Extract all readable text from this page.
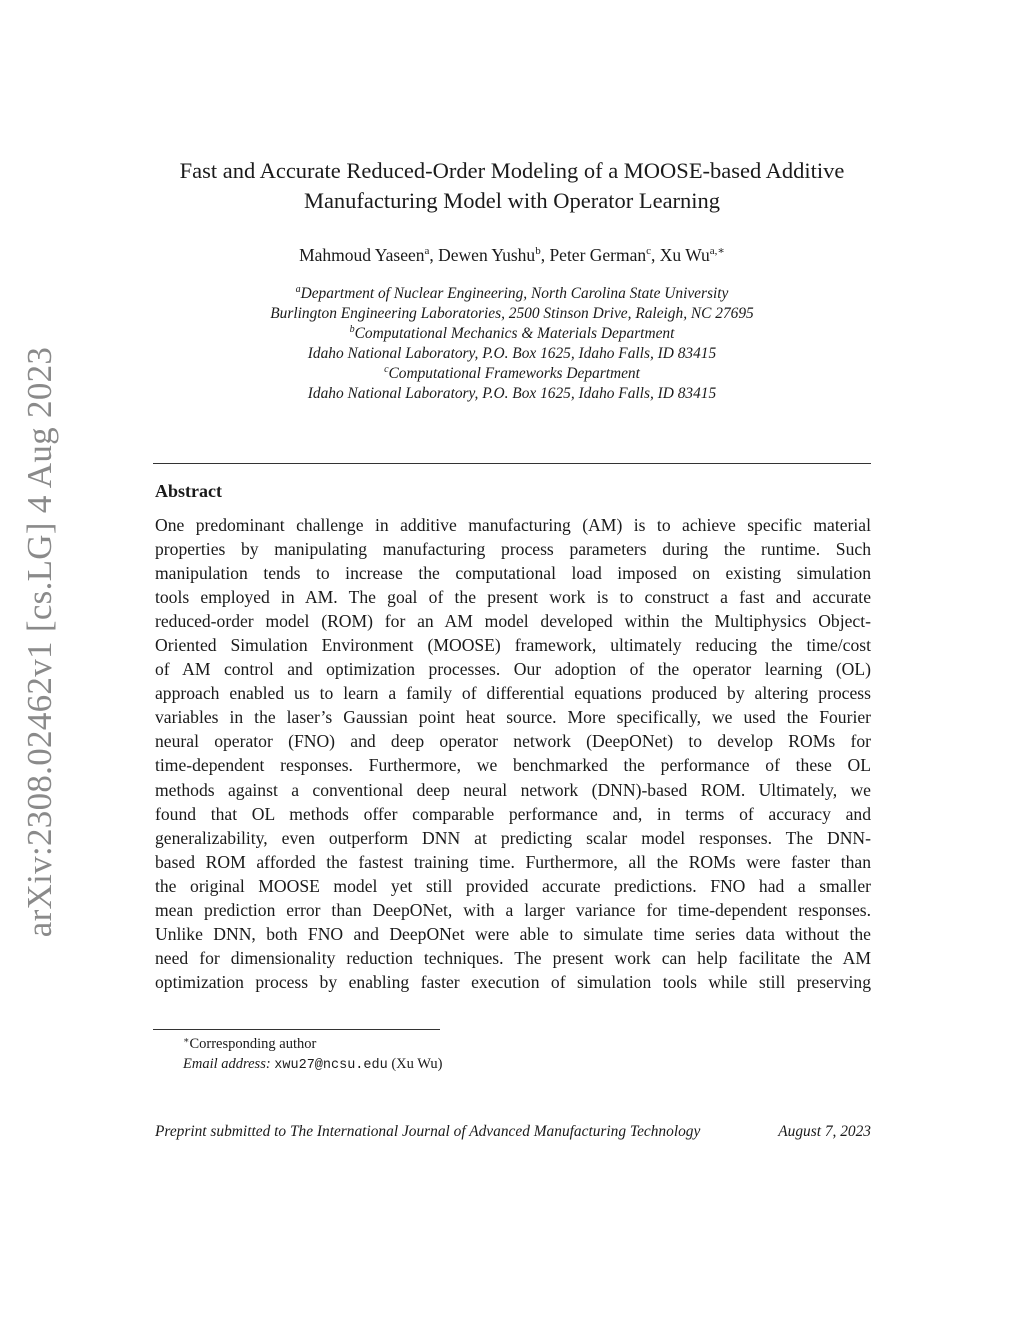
arXiv:2308.02462v1 [cs.LG] 4 Aug 2023
Fast and Accurate Reduced-Order Modeling of a MOOSE-based Additive
Manufacturing Model with Operator Learning
Mahmoud Yaseen$^a$, Dewen Yushu$^b$, Peter German$^c$, Xu $Wu^{a,∗}$
$^a$Department of Nuclear Engineering, North Carolina State University
Burlington Engineering Laboratories, 2500 Stinson Drive, Raleigh, NC 27695
$^b$Computational Mechanics & Materials Department
Idaho National Laboratory, P.O. Box 1625, Idaho Falls, ID 83415
$^c$Computational Frameworks Department
Idaho National Laboratory, P.O. Box 1625, Idaho Falls, ID 83415
Abstract
One predominant challenge in additive manufacturing (AM) is to achieve specific material
properties by manipulating manufacturing process parameters during the runtime. Such
manipulation tends to increase the computational load imposed on existing simulation
tools employed in AM. The goal of the present work is to construct a fast and accurate
reduced-order model (ROM) for an AM model developed within the Multiphysics Object-
Oriented Simulation Environment (MOOSE) framework, ultimately reducing the time/cost
of AM control and optimization processes. Our adoption of the operator learning (OL)
approach enabled us to learn a family of differential equations produced by altering process
variables in the laser’s Gaussian point heat source. More specifically, we used the Fourier
neural operator (FNO) and deep operator network (DeepONet) to develop ROMs for
time-dependent responses. Furthermore, we benchmarked the performance of these OL
methods against a conventional deep neural network (DNN)-based ROM. Ultimately, we
found that OL methods offer comparable performance and, in terms of accuracy and
generalizability, even outperform DNN at predicting scalar model responses. The DNN-
based ROM afforded the fastest training time. Furthermore, all the ROMs were faster than
the original MOOSE model yet still provided accurate predictions. FNO had a smaller
mean prediction error than DeepONet, with a larger variance for time-dependent responses.
Unlike DNN, both FNO and DeepONet were able to simulate time series data without the
need for dimensionality reduction techniques. The present work can help facilitate the AM
optimization process by enabling faster execution of simulation tools while still preserving
∗Corresponding author
Email address: xwu27@ncsu.edu (Xu Wu)
Preprint submitted to The International Journal of Advanced Manufacturing Technology	August 7, 2023
